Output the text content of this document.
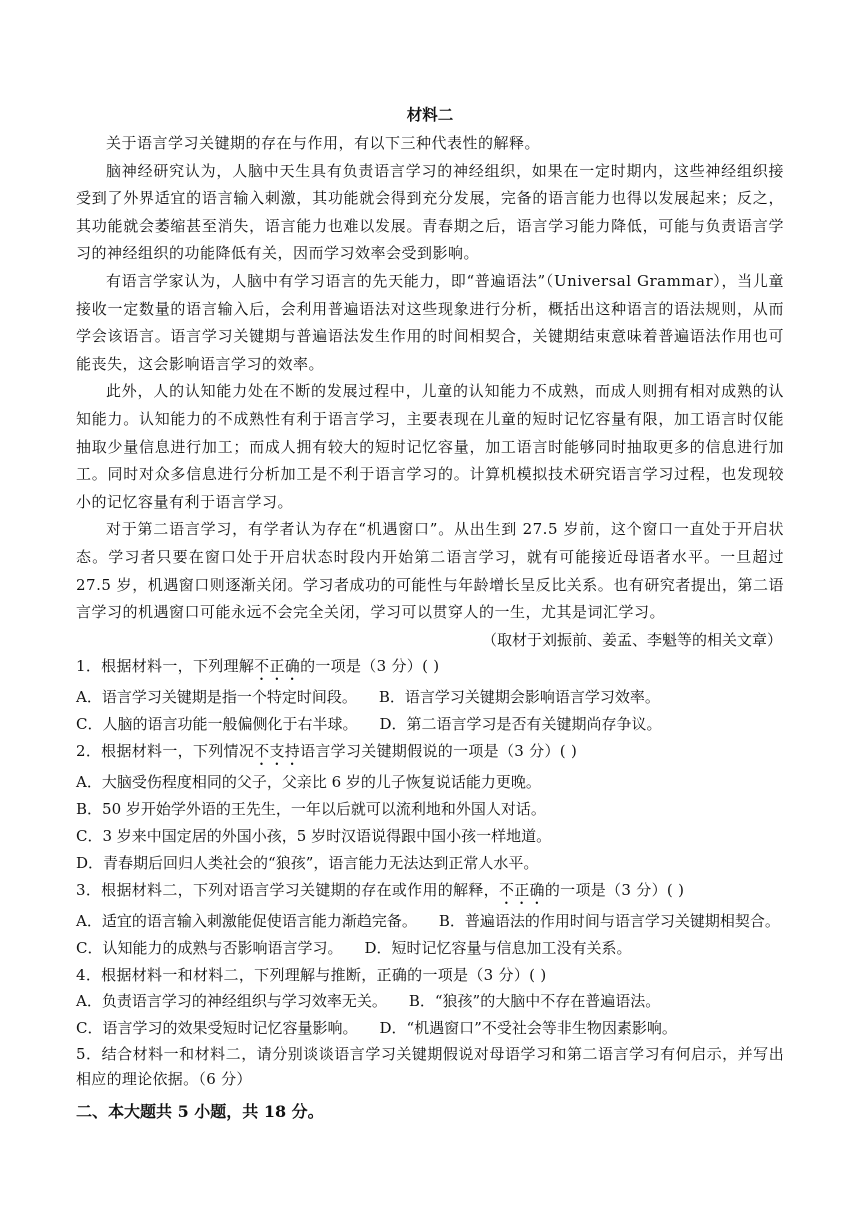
材料二

关于语言学习关键期的存在与作用，有以下三种代表性的解释。

脑神经研究认为，人脑中天生具有负责语言学习的神经组织，如果在一定时期内，这些神经组织接受到了外界适宜的语言输入刺激，其功能就会得到充分发展，完备的语言能力也得以发展起来；反之，其功能就会萎缩甚至消失，语言能力也难以发展。青春期之后，语言学习能力降低，可能与负责语言学习的神经组织的功能降低有关，因而学习效率会受到影响。

有语言学家认为，人脑中有学习语言的先天能力，即“普遍语法”（Universal Grammar），当儿童接收一定数量的语言输入后，会利用普遍语法对这些现象进行分析，概括出这种语言的语法规则，从而学会该语言。语言学习关键期与普遍语法发生作用的时间相契合，关键期结束意味着普遍语法作用也可能丧失，这会影响语言学习的效率。

此外，人的认知能力处在不断的发展过程中，儿童的认知能力不成熟，而成人则拥有相对成熟的认知能力。认知能力的不成熟性有利于语言学习，主要表现在儿童的短时记忆容量有限，加工语言时仅能抽取少量信息进行加工；而成人拥有较大的短时记忆容量，加工语言时能够同时抽取更多的信息进行加工。同时对众多信息进行分析加工是不利于语言学习的。计算机模拟技术研究语言学习过程，也发现较小的记忆容量有利于语言学习。

对于第二语言学习，有学者认为存在“机遇窗口”。从出生到 27.5 岁前，这个窗口一直处于开启状态。学习者只要在窗口处于开启状态时段内开始第二语言学习，就有可能接近母语者水平。一旦超过 27.5 岁，机遇窗口则逐渐关闭。学习者成功的可能性与年龄增长呈反比关系。也有研究者提出，第二语言学习的机遇窗口可能永远不会完全关闭，学习可以贯穿人的一生，尤其是词汇学习。

（取材于刘振前、姜孟、李魁等的相关文章）

1．根据材料一，下列理解不正确的一项是（3 分）( )

A．语言学习关键期是指一个特定时间段。 B．语言学习关键期会影响语言学习效率。

C．人脑的语言功能一般偏侧化于右半球。 D．第二语言学习是否有关键期尚存争议。

2．根据材料一，下列情况不支持语言学习关键期假说的一项是（3 分）( )

A．大脑受伤程度相同的父子，父亲比 6 岁的儿子恢复说话能力更晚。

B．50 岁开始学外语的王先生，一年以后就可以流利地和外国人对话。

C．3 岁来中国定居的外国小孩，5 岁时汉语说得跟中国小孩一样地道。

D．青春期后回归人类社会的“狼孩”，语言能力无法达到正常人水平。

3．根据材料二，下列对语言学习关键期的存在或作用的解释，不正确的一项是（3 分）( )

A．适宜的语言输入刺激能促使语言能力渐趋完备。 B．普遍语法的作用时间与语言学习关键期相契合。

C．认知能力的成熟与否影响语言学习。 D．短时记忆容量与信息加工没有关系。

4．根据材料一和材料二，下列理解与推断，正确的一项是（3 分）( )

A．负责语言学习的神经组织与学习效率无关。 B．“狼孩”的大脑中不存在普遍语法。

C．语言学习的效果受短时记忆容量影响。 D．“机遇窗口”不受社会等非生物因素影响。

5．结合材料一和材料二，请分别谈谈语言学习关键期假说对母语学习和第二语言学习有何启示，并写出相应的理论依据。（6 分）

二、本大题共 5 小题，共 18 分。
